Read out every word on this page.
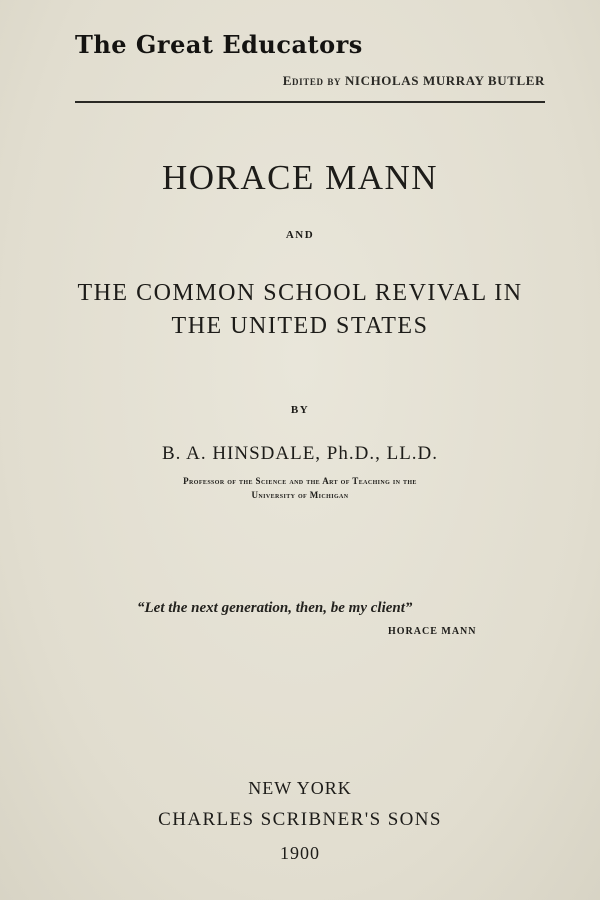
The Great Educators
Edited by NICHOLAS MURRAY BUTLER
HORACE MANN
AND
THE COMMON SCHOOL REVIVAL IN
THE UNITED STATES
BY
B. A. HINSDALE, Ph.D., LL.D.
Professor of the Science and the Art of Teaching in the
University of Michigan
“Let the next generation, then, be my client”
HORACE MANN
NEW YORK
CHARLES SCRIBNER'S SONS
1900
